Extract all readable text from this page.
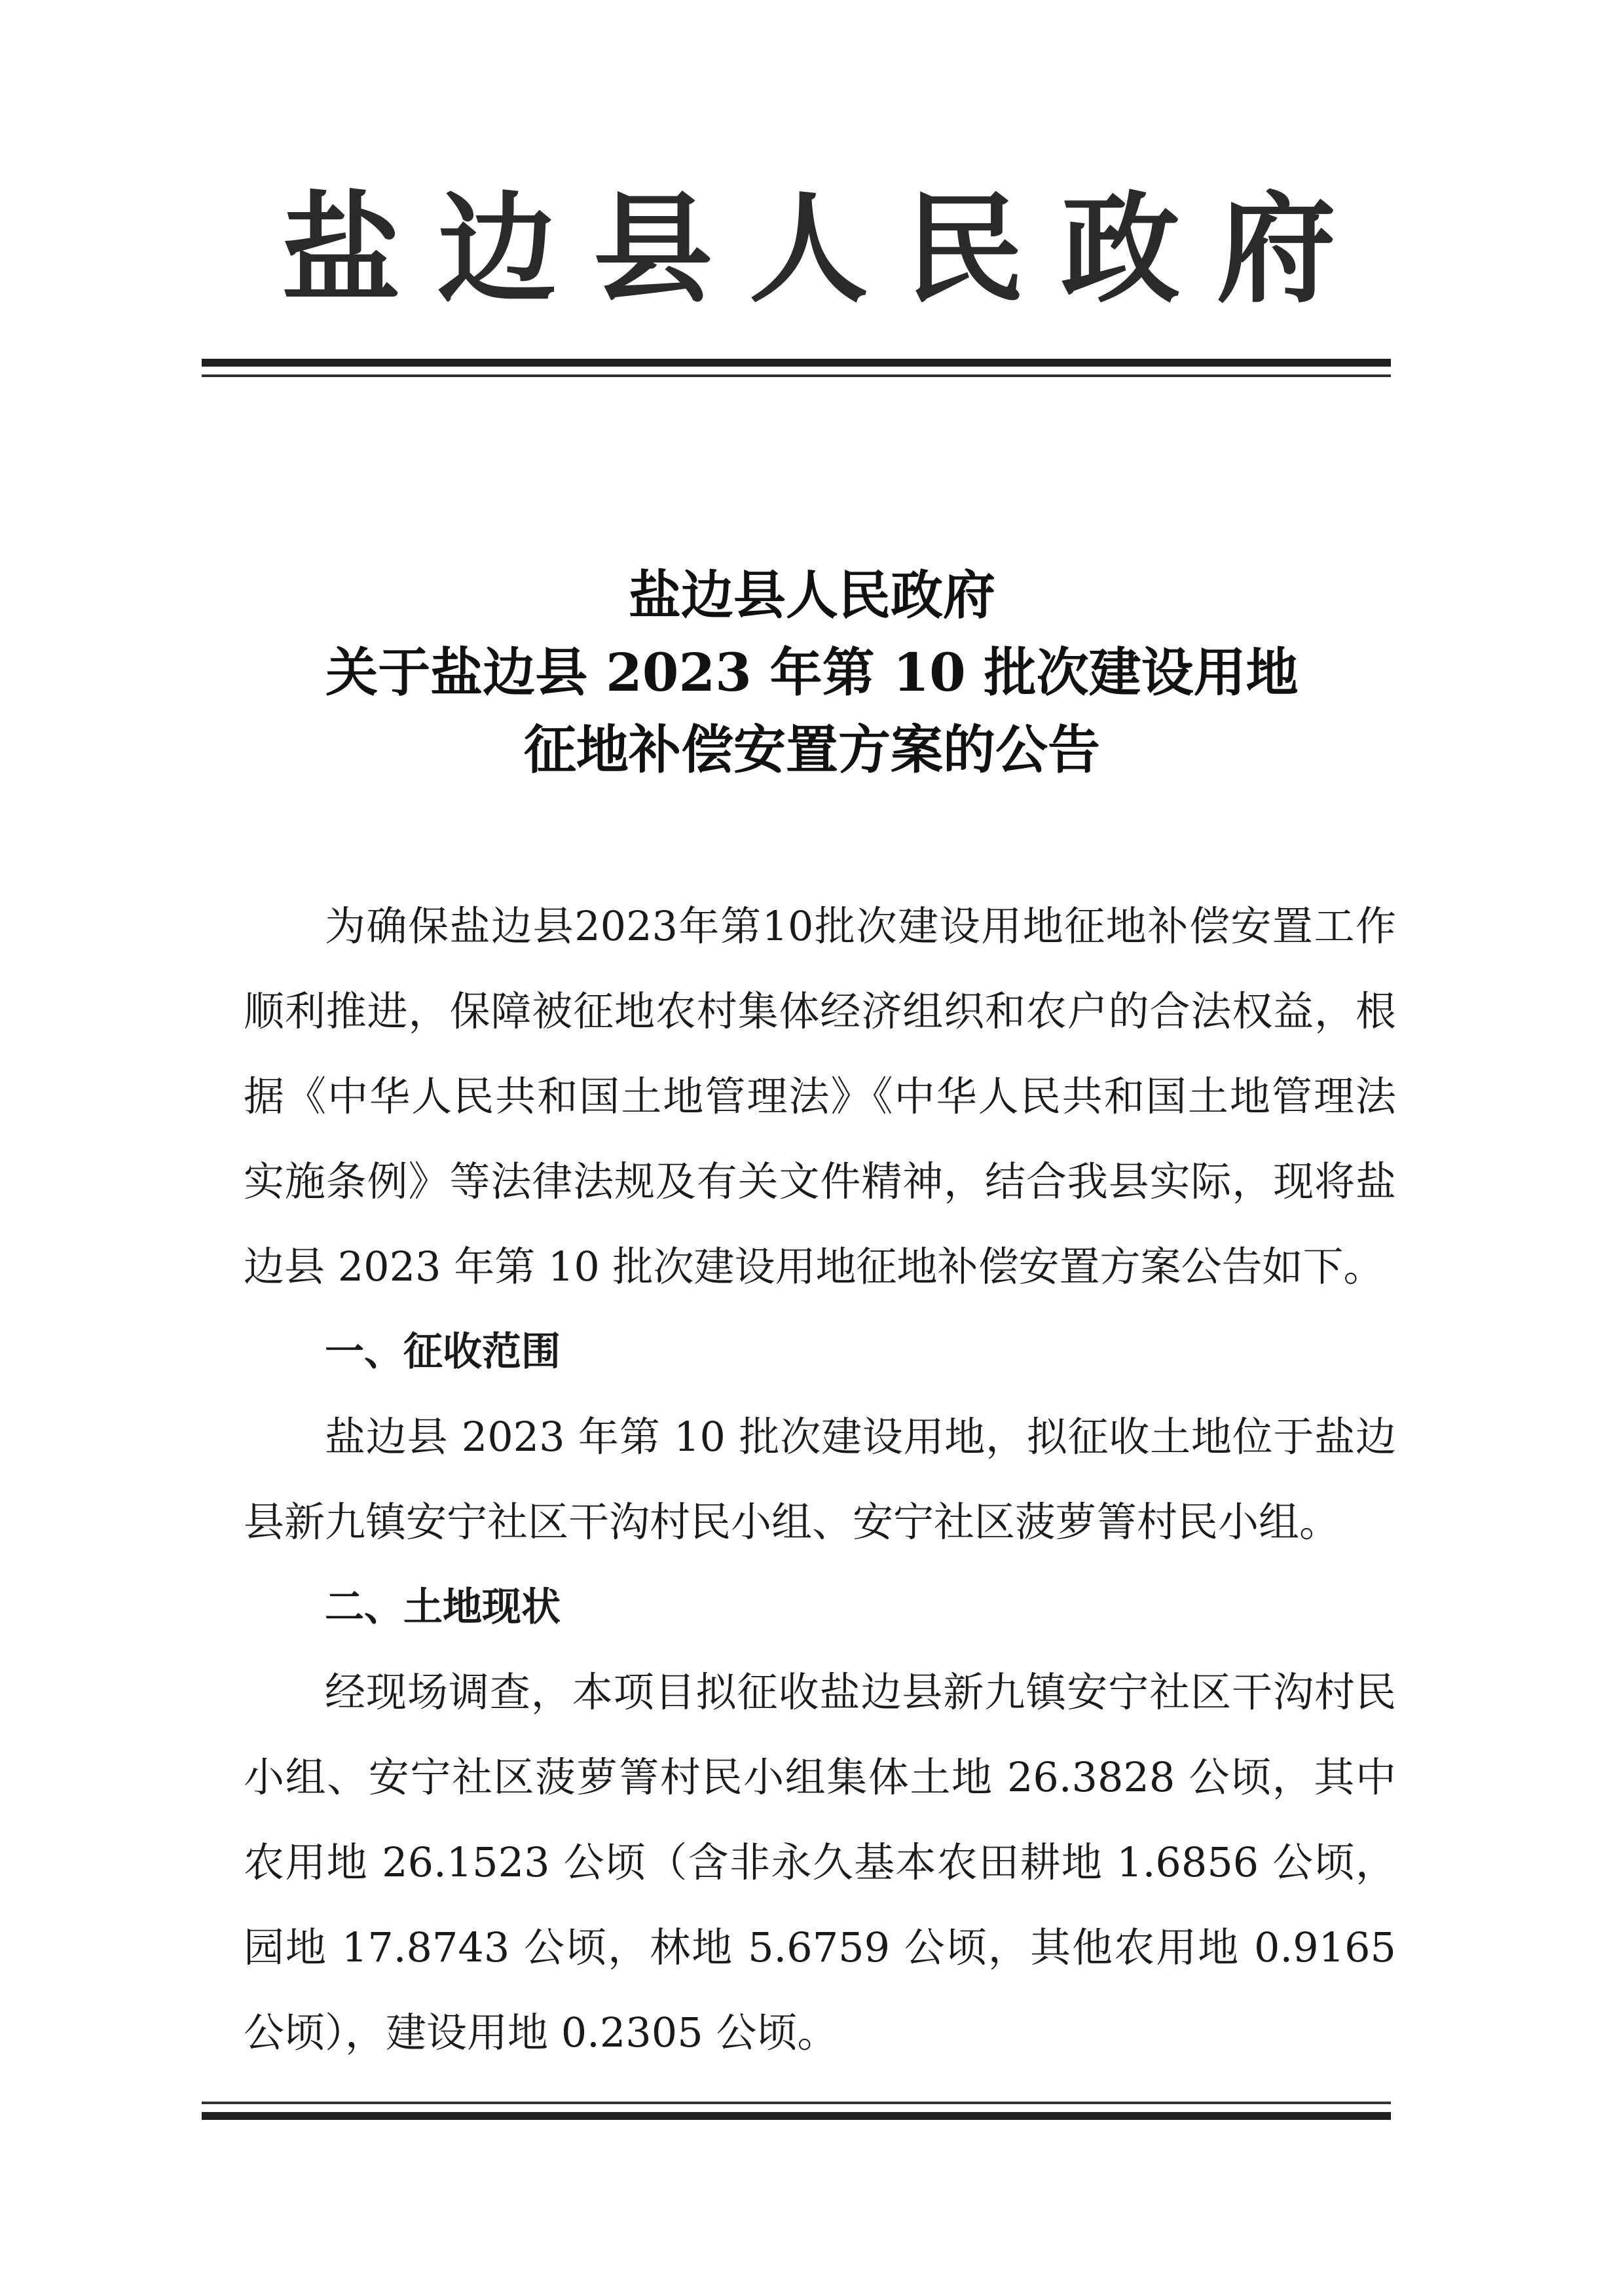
盐边县人民政府
盐边县人民政府
关于盐边县 2023 年第 10 批次建设用地
征地补偿安置方案的公告

为确保盐边县2023年第10批次建设用地征地补偿安置工作顺利推进，保障被征地农村集体经济组织和农户的合法权益，根据《中华人民共和国土地管理法》《中华人民共和国土地管理法实施条例》等法律法规及有关文件精神，结合我县实际，现将盐边县 2023 年第 10 批次建设用地征地补偿安置方案公告如下。

一、征收范围

盐边县 2023 年第 10 批次建设用地，拟征收土地位于盐边县新九镇安宁社区干沟村民小组、安宁社区菠萝箐村民小组。

二、土地现状

经现场调查，本项目拟征收盐边县新九镇安宁社区干沟村民小组、安宁社区菠萝箐村民小组集体土地 26.3828 公顷，其中农用地 26.1523 公顷（含非永久基本农田耕地 1.6856 公顷，园地 17.8743 公顷，林地 5.6759 公顷，其他农用地 0.9165 公顷），建设用地 0.2305 公顷。
